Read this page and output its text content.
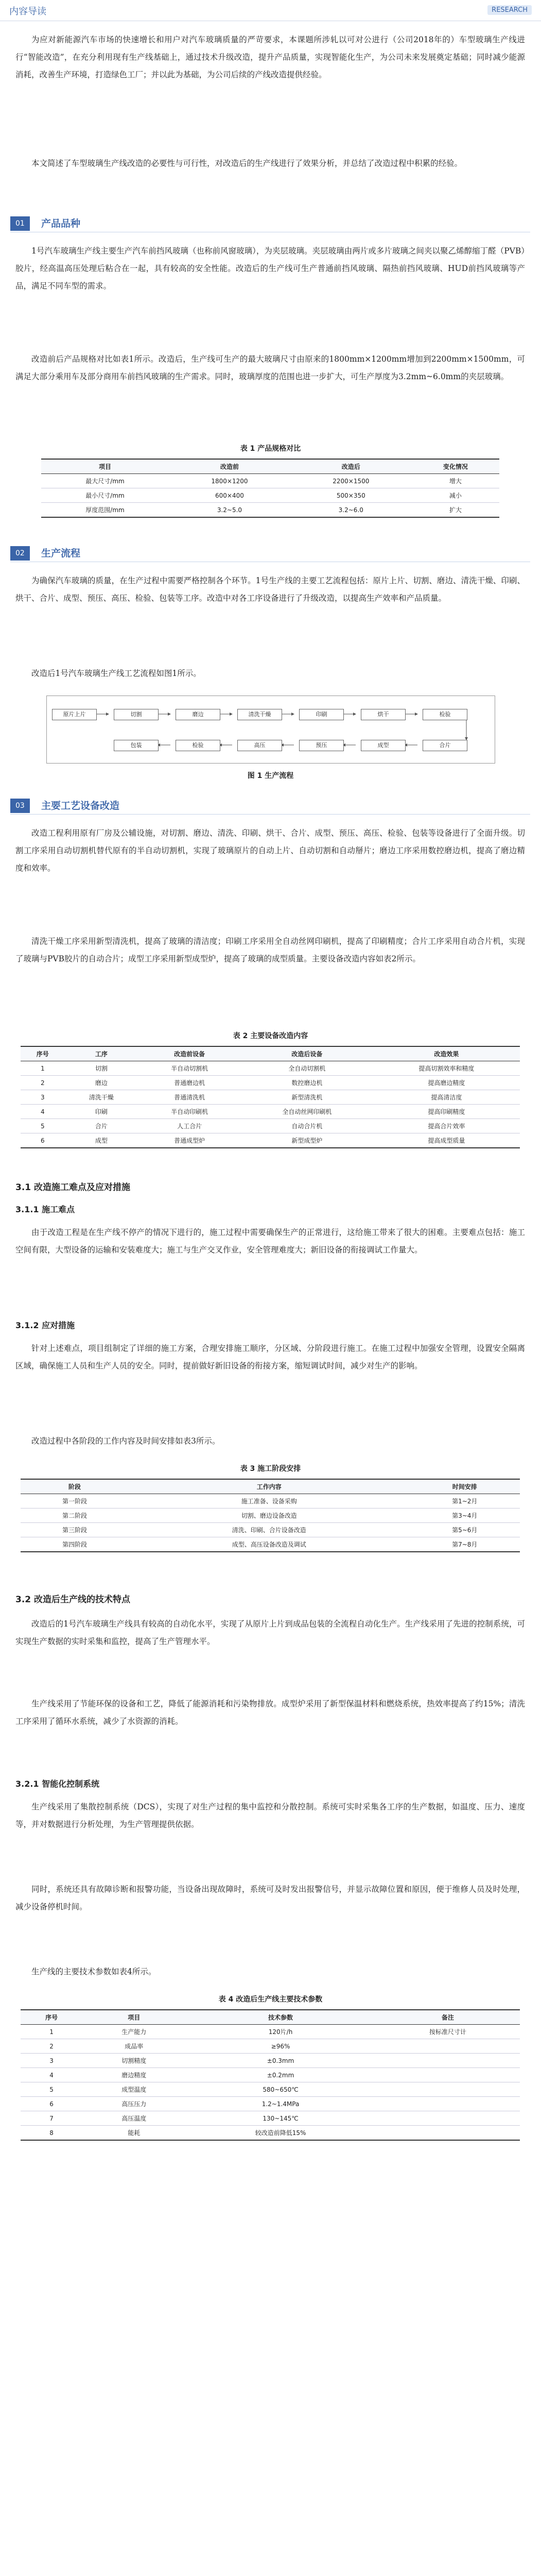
内容导读	RESEARCH

为应对新能源汽车市场的快速增长和用户对汽车玻璃质量的严苛要求，本课题所涉轧以可对公进行（公司2018年的）车型玻璃生产线进行“智能改造”，在充分利用现有生产线基础上，通过技术升级改造，提升产品质量，实现智能化生产，为公司未来发展奠定基础；同时减少能源消耗，改善生产环境，打造绿色工厂；并以此为基础，为公司后续的产线改造提供经验。

本文简述了车型玻璃生产线改造的必要性与可行性，对改造后的生产线进行了效果分析，并总结了改造过程中积累的经验。

01	产品品种

1号汽车玻璃生产线主要生产汽车前挡风玻璃（也称前风窗玻璃），为夹层玻璃。夹层玻璃由两片或多片玻璃之间夹以聚乙烯醇缩丁醛（PVB）胶片，经高温高压处理后粘合在一起，具有较高的安全性能。改造后的生产线可生产普通前挡风玻璃、隔热前挡风玻璃、HUD前挡风玻璃等产品，满足不同车型的需求。

改造前后产品规格对比如表1所示。改造后，生产线可生产的最大玻璃尺寸由原来的1800mm×1200mm增加到2200mm×1500mm，可满足大部分乘用车及部分商用车前挡风玻璃的生产需求。同时，玻璃厚度的范围也进一步扩大，可生产厚度为3.2mm~6.0mm的夹层玻璃。

表 1 产品规格对比
项目	改造前	改造后	变化情况
最大尺寸/mm	1800×1200	2200×1500	增大
最小尺寸/mm	600×400	500×350	减小
厚度范围/mm	3.2~5.0	3.2~6.0	扩大
02	生产流程

为确保汽车玻璃的质量，在生产过程中需要严格控制各个环节。1号生产线的主要工艺流程包括：原片上片、切割、磨边、清洗干燥、印刷、烘干、合片、成型、预压、高压、检验、包装等工序。改造中对各工序设备进行了升级改造，以提高生产效率和产品质量。

改造后1号汽车玻璃生产线工艺流程如图1所示。

原片上片	切割	磨边	清洗干燥	印刷	烘干	检验
包装	检验	高压	预压	成型	合片
图 1 生产流程
03	主要工艺设备改造

改造工程利用原有厂房及公辅设施，对切割、磨边、清洗、印刷、烘干、合片、成型、预压、高压、检验、包装等设备进行了全面升级。切割工序采用自动切割机替代原有的半自动切割机，实现了玻璃原片的自动上片、自动切割和自动掰片；磨边工序采用数控磨边机，提高了磨边精度和效率。

清洗干燥工序采用新型清洗机，提高了玻璃的清洁度；印刷工序采用全自动丝网印刷机，提高了印刷精度；合片工序采用自动合片机，实现了玻璃与PVB胶片的自动合片；成型工序采用新型成型炉，提高了玻璃的成型质量。主要设备改造内容如表2所示。

表 2 主要设备改造内容
序号	工序	改造前设备	改造后设备	改造效果
1	切割	半自动切割机	全自动切割机	提高切割效率和精度
2	磨边	普通磨边机	数控磨边机	提高磨边精度
3	清洗干燥	普通清洗机	新型清洗机	提高清洁度
4	印刷	半自动印刷机	全自动丝网印刷机	提高印刷精度
5	合片	人工合片	自动合片机	提高合片效率
6	成型	普通成型炉	新型成型炉	提高成型质量
3.1 改造施工难点及应对措施
3.1.1 施工难点

由于改造工程是在生产线不停产的情况下进行的，施工过程中需要确保生产的正常进行，这给施工带来了很大的困难。主要难点包括：施工空间有限，大型设备的运输和安装难度大；施工与生产交叉作业，安全管理难度大；新旧设备的衔接调试工作量大。

3.1.2 应对措施

针对上述难点，项目组制定了详细的施工方案，合理安排施工顺序，分区域、分阶段进行施工。在施工过程中加强安全管理，设置安全隔离区域，确保施工人员和生产人员的安全。同时，提前做好新旧设备的衔接方案，缩短调试时间，减少对生产的影响。

改造过程中各阶段的工作内容及时间安排如表3所示。

表 3 施工阶段安排
阶段	工作内容	时间安排
第一阶段	施工准备、设备采购	第1~2月
第二阶段	切割、磨边设备改造	第3~4月
第三阶段	清洗、印刷、合片设备改造	第5~6月
第四阶段	成型、高压设备改造及调试	第7~8月
3.2 改造后生产线的技术特点

改造后的1号汽车玻璃生产线具有较高的自动化水平，实现了从原片上片到成品包装的全流程自动化生产。生产线采用了先进的控制系统，可实现生产数据的实时采集和监控，提高了生产管理水平。

生产线采用了节能环保的设备和工艺，降低了能源消耗和污染物排放。成型炉采用了新型保温材料和燃烧系统，热效率提高了约15%；清洗工序采用了循环水系统，减少了水资源的消耗。

3.2.1 智能化控制系统

生产线采用了集散控制系统（DCS），实现了对生产过程的集中监控和分散控制。系统可实时采集各工序的生产数据，如温度、压力、速度等，并对数据进行分析处理，为生产管理提供依据。

同时，系统还具有故障诊断和报警功能，当设备出现故障时，系统可及时发出报警信号，并显示故障位置和原因，便于维修人员及时处理，减少设备停机时间。

生产线的主要技术参数如表4所示。

表 4 改造后生产线主要技术参数
序号	项目	技术参数	备注
1	生产能力	120片/h	按标准尺寸计
2	成品率	≥96%	
3	切割精度	±0.3mm	
4	磨边精度	±0.2mm	
5	成型温度	580~650℃	
6	高压压力	1.2~1.4MPa	
7	高压温度	130~145℃	
8	能耗	较改造前降低15%	
